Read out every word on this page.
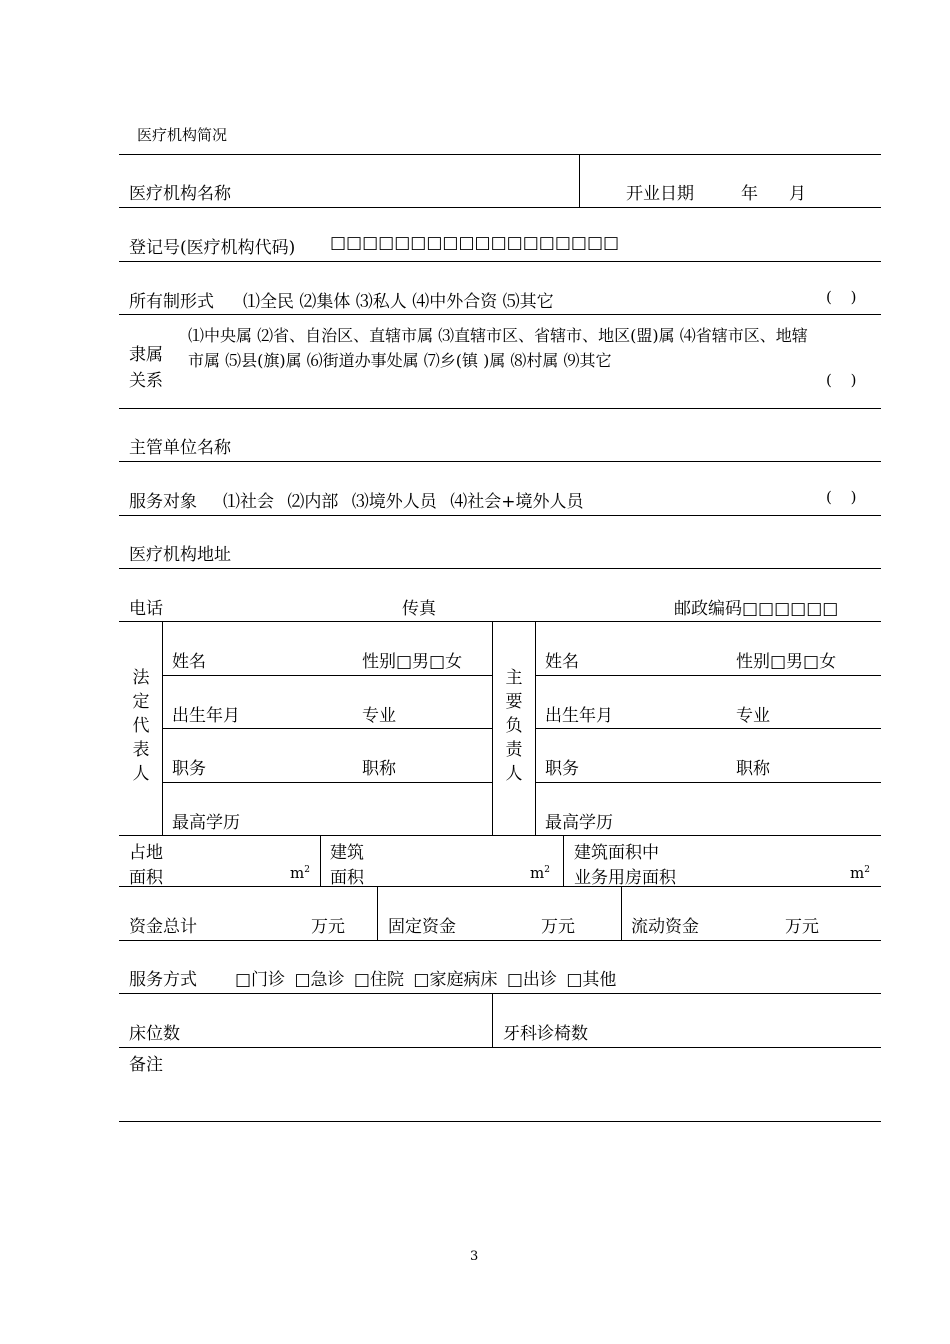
医疗机构简况
医疗机构名称	开业日期	年 月
登记号(医疗机构代码) □□□□□□□□□□□□□□□□□□
所有制形式 ⑴全民 ⑵集体 ⑶私人 ⑷中外合资 ⑸其它	( )
隶属
关系
⑴中央属 ⑵省、自治区、直辖市属 ⑶直辖市区、省辖市、地区(盟)属 ⑷省辖市区、地辖市属 ⑸县(旗)属 ⑹街道办事处属 ⑺乡(镇 )属 ⑻村属 ⑼其它
( )
主管单位名称
服务对象 ⑴社会 ⑵内部 ⑶境外人员 ⑷社会+境外人员	( )
医疗机构地址
电话	传真	邮政编码□□□□□□
法定代表人
姓名	性别□男□女
出生年月	专业
职务	职称
最高学历
主要负责人
姓名	性别□男□女
出生年月	专业
职务	职称
最高学历
占地
面积	$m^2$
建筑
面积	$m^2$
建筑面积中
业务用房面积	$m^2$
资金总计	万元	固定资金	万元	流动资金	万元
服务方式 □门诊 □急诊 □住院 □家庭病床 □出诊 □其他
床位数	牙科诊椅数
备注
3
